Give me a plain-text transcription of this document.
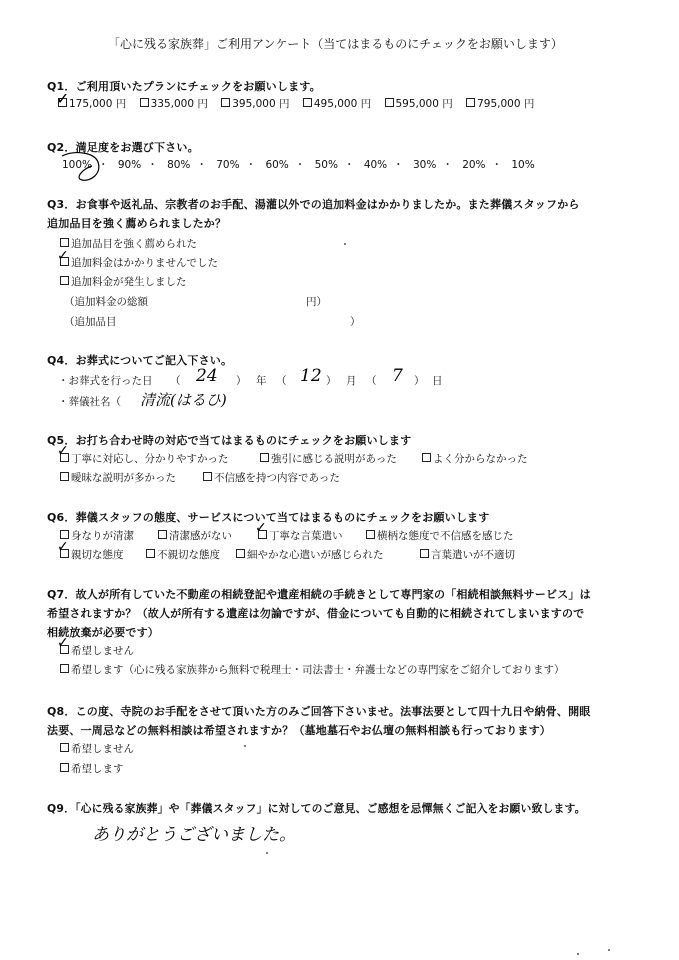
「心に残る家族葬」ご利用アンケート（当てはまるものにチェックをお願いします）
Q1．ご利用頂いたプランにチェックをお願いします。
175,000 円 335,000 円 395,000 円 495,000 円 595,000 円 795,000 円
✓
Q2．満足度をお選び下さい。
100% ・ 90% ・ 80% ・ 70% ・ 60% ・ 50% ・ 40% ・ 30% ・ 20% ・ 10%
Q3．お食事や返礼品、宗教者のお手配、湯灌以外での追加料金はかかりましたか。また葬儀スタッフから
追加品目を強く薦められましたか？
追加品目を強く薦められた
追加料金はかかりませんでした
✓
追加料金が発生しました
（追加料金の総額	円）
（追加品目	）
Q4．お葬式についてご記入下さい。
・お葬式を行った日 （ 24 ） 年 （ 12 ） 月 （ 7 ） 日
・葬儀社名（ 清流(はるひ)
Q5．お打ち合わせ時の対応で当てはまるものにチェックをお願いします
丁寧に対応し、分かりやすかった
✓	強引に感じる説明があった	よく分からなかった
曖昧な説明が多かった	不信感を持つ内容であった
Q6．葬儀スタッフの態度、サービスについて当てはまるものにチェックをお願いします
身なりが清潔	清潔感がない	丁寧な言葉遣い
✓	横柄な態度で不信感を感じた
親切な態度
✓	不親切な態度	細やかな心遣いが感じられた	言葉遣いが不適切
Q7．故人が所有していた不動産の相続登記や遺産相続の手続きとして専門家の「相続相談無料サービス」は
希望されますか？（故人が所有する遺産は勿論ですが、借金についても自動的に相続されてしまいますので
相続放棄が必要です）
希望しません
✓
希望します（心に残る家族葬から無料で税理士・司法書士・弁護士などの専門家をご紹介しております）
Q8．この度、寺院のお手配をさせて頂いた方のみご回答下さいませ。法事法要として四十九日や納骨、開眼
法要、一周忌などの無料相談は希望されますか？（墓地墓石やお仏壇の無料相談も行っております）
希望しません
希望します
Q9．「心に残る家族葬」や「葬儀スタッフ」に対してのご意見、ご感想を忌憚無くご記入をお願い致します。
ありがとうございました。
